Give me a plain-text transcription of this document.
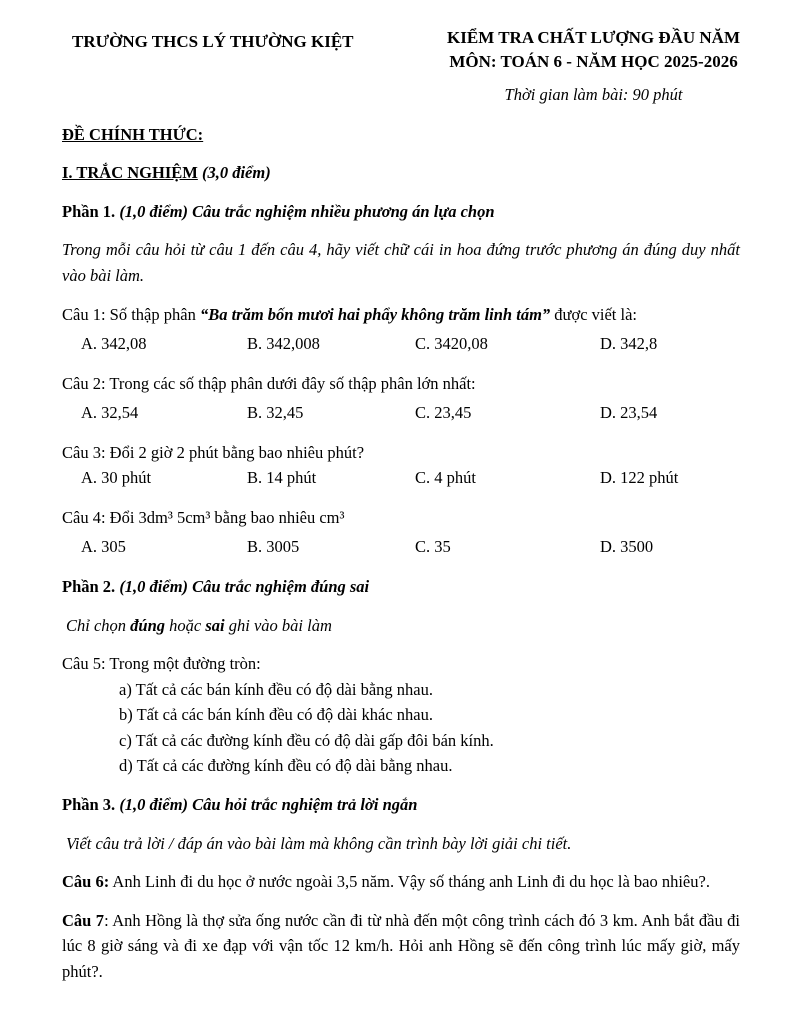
TRƯỜNG THCS LÝ THƯỜNG KIỆT	KIỂM TRA CHẤT LƯỢNG ĐẦU NĂM
MÔN: TOÁN 6 - NĂM HỌC 2025-2026
Thời gian làm bài: 90 phút

ĐỀ CHÍNH THỨC:

I. TRẮC NGHIỆM (3,0 điểm)

Phần 1. (1,0 điểm) Câu trắc nghiệm nhiều phương án lựa chọn

Trong mỗi câu hỏi từ câu 1 đến câu 4, hãy viết chữ cái in hoa đứng trước phương án đúng duy nhất vào bài làm.

Câu 1: Số thập phân “Ba trăm bốn mươi hai phẩy không trăm linh tám” được viết là:

A. 342,08	B. 342,008	C. 3420,08	D. 342,8

Câu 2: Trong các số thập phân dưới đây số thập phân lớn nhất:

A. 32,54	B. 32,45	C. 23,45	D. 23,54

Câu 3: Đổi 2 giờ 2 phút bằng bao nhiêu phút?

A. 30 phút	B. 14 phút	C. 4 phút	D. 122 phút

Câu 4: Đổi 3dm³ 5cm³ bằng bao nhiêu cm³

A. 305	B. 3005	C. 35	D. 3500

Phần 2. (1,0 điểm) Câu trắc nghiệm đúng sai

Chỉ chọn đúng hoặc sai ghi vào bài làm

Câu 5: Trong một đường tròn:

a) Tất cả các bán kính đều có độ dài bằng nhau.

b) Tất cả các bán kính đều có độ dài khác nhau.

c) Tất cả các đường kính đều có độ dài gấp đôi bán kính.

d) Tất cả các đường kính đều có độ dài bằng nhau.

Phần 3. (1,0 điểm) Câu hỏi trắc nghiệm trả lời ngắn

Viết câu trả lời / đáp án vào bài làm mà không cần trình bày lời giải chi tiết.

Câu 6: Anh Linh đi du học ở nước ngoài 3,5 năm. Vậy số tháng anh Linh đi du học là bao nhiêu?.

Câu 7: Anh Hồng là thợ sửa ống nước cần đi từ nhà đến một công trình cách đó 3 km. Anh bắt đầu đi lúc 8 giờ sáng và đi xe đạp với vận tốc 12 km/h. Hỏi anh Hồng sẽ đến công trình lúc mấy giờ, mấy phút?.
